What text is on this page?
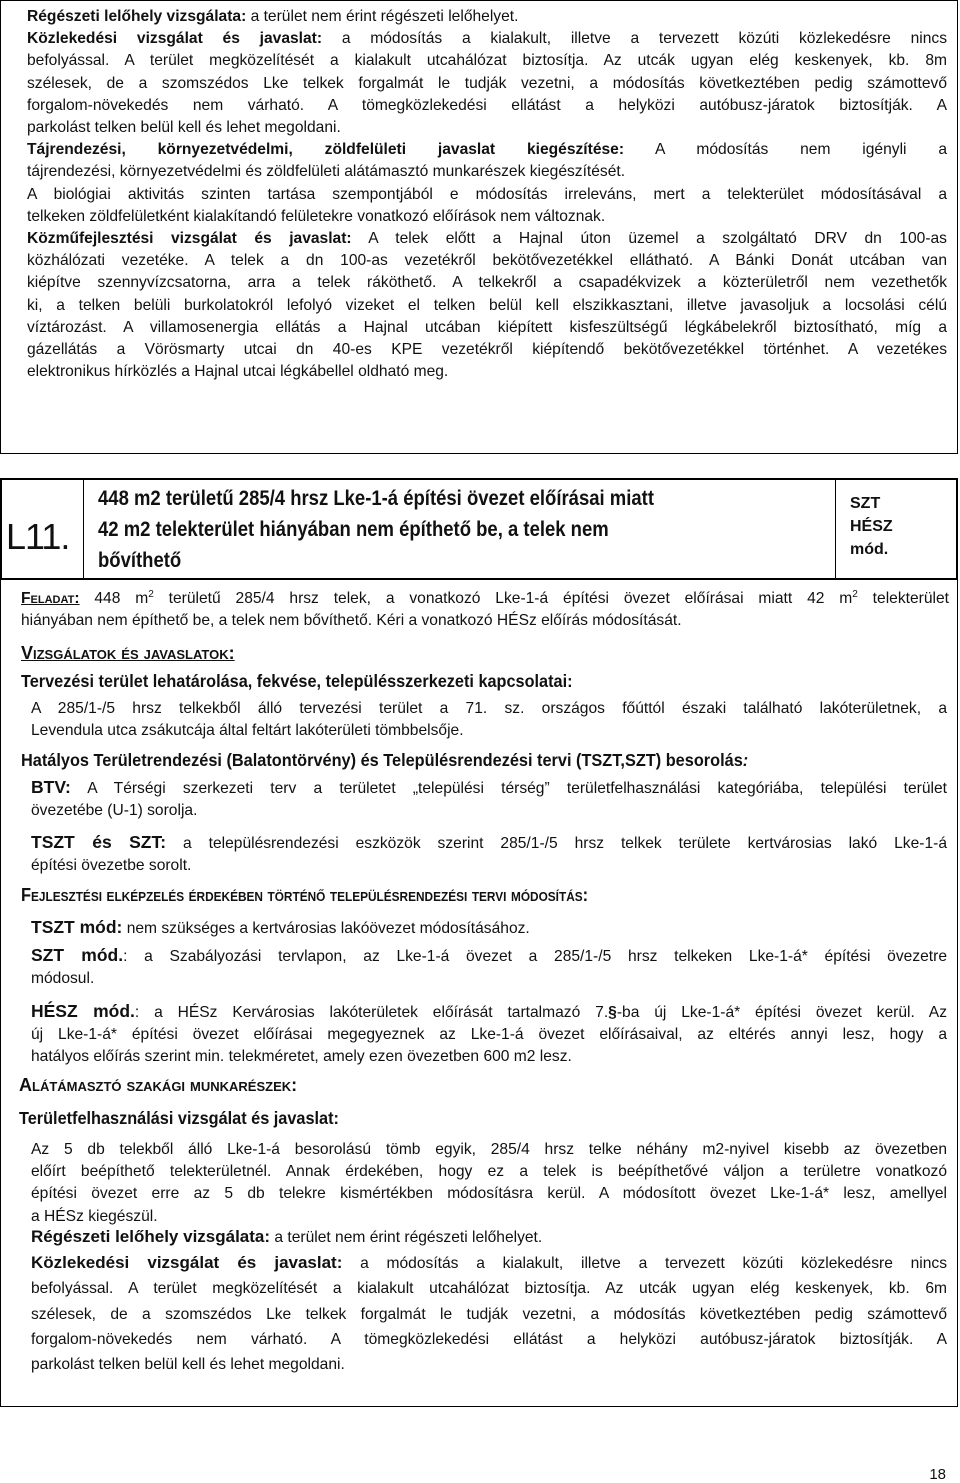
Régészeti lelőhely vizsgálata: a terület nem érint régészeti lelőhelyet.
Közlekedési vizsgálat és javaslat: a módosítás a kialakult, illetve a tervezett közúti közlekedésre nincs
befolyással. A terület megközelítését a kialakult utcahálózat biztosítja. Az utcák ugyan elég keskenyek, kb. 8m
szélesek, de a szomszédos Lke telkek forgalmát le tudják vezetni, a módosítás következtében pedig számottevő
forgalom-növekedés nem várható. A tömegközlekedési ellátást a helyközi autóbusz-járatok biztosítják. A
parkolást telken belül kell és lehet megoldani.
Tájrendezési, környezetvédelmi, zöldfelületi javaslat kiegészítése: A módosítás nem igényli a
tájrendezési, környezetvédelmi és zöldfelületi alátámasztó munkarészek kiegészítését.
A biológiai aktivitás szinten tartása szempontjából e módosítás irreleváns, mert a telekterület módosításával a
telkeken zöldfelületként kialakítandó felületekre vonatkozó előírások nem változnak.
Közműfejlesztési vizsgálat és javaslat: A telek előtt a Hajnal úton üzemel a szolgáltató DRV dn 100-as
közhálózati vezetéke. A telek a dn 100-as vezetékről bekötővezetékkel ellátható. A Bánki Donát utcában van
kiépítve szennyvízcsatorna, arra a telek ráköthető. A telkekről a csapadékvizek a közterületről nem vezethetők
ki, a telken belüli burkolatokról lefolyó vizeket el telken belül kell elszikkasztani, illetve javasoljuk a locsolási célú
víztározást. A villamosenergia ellátás a Hajnal utcában kiépített kisfeszültségű légkábelekről biztosítható, míg a
gázellátás a Vörösmarty utcai dn 40-es KPE vezetékről kiépítendő bekötővezetékkel történhet. A vezetékes
elektronikus hírközlés a Hajnal utcai légkábellel oldható meg.
L11.
448 m2 területű 285/4 hrsz Lke-1-á építési övezet előírásai miatt
42 m2 telekterület hiányában nem építhető be, a telek nem
bővíthető
SZT
HÉSZ
mód.
Feladat: 448 $m^2$ területű 285/4 hrsz telek, a vonatkozó Lke-1-á építési övezet előírásai miatt 42 $m^2$ telekterület
hiányában nem építhető be, a telek nem bővíthető. Kéri a vonatkozó HÉSz előírás módosítását.
Vizsgálatok és javaslatok:
Tervezési terület lehatárolása, fekvése, településszerkezeti kapcsolatai:
A 285/1-/5 hrsz telkekből álló tervezési terület a 71. sz. országos főúttól északi található lakóterületnek, a
Levendula utca zsákutcája által feltárt lakóterületi tömbbelsője.
Hatályos Területrendezési (Balatontörvény) és Településrendezési tervi (TSZT,SZT) besorolás:
BTV: A Térségi szerkezeti terv a területet „települési térség” területfelhasználási kategóriába, települési terület
övezetébe (U-1) sorolja.
TSZT és SZT: a településrendezési eszközök szerint 285/1-/5 hrsz telkek területe kertvárosias lakó Lke-1-á
építési övezetbe sorolt.
Fejlesztési elképzelés érdekében történő településrendezési tervi módosítás:
TSZT mód: nem szükséges a kertvárosias lakóövezet módosításához.
SZT mód.: a Szabályozási tervlapon, az Lke-1-á övezet a 285/1-/5 hrsz telkeken Lke-1-á* építési övezetre
módosul.
HÉSZ mód.: a HÉSz Kervárosias lakóterületek előírását tartalmazó 7.§-ba új Lke-1-á* építési övezet kerül. Az
új Lke-1-á* építési övezet előírásai megegyeznek az Lke-1-á övezet előírásaival, az eltérés annyi lesz, hogy a
hatályos előírás szerint min. telekméretet, amely ezen övezetben 600 m2 lesz.
Alátámasztó szakági munkarészek:
Területfelhasználási vizsgálat és javaslat:
Az 5 db telekből álló Lke-1-á besorolású tömb egyik, 285/4 hrsz telke néhány m2-nyivel kisebb az övezetben
előírt beépíthető telekterületnél. Annak érdekében, hogy ez a telek is beépíthetővé váljon a területre vonatkozó
építési övezet erre az 5 db telekre kismértékben módosításra kerül. A módosított övezet Lke-1-á* lesz, amellyel
a HÉSz kiegészül.
Régészeti lelőhely vizsgálata: a terület nem érint régészeti lelőhelyet.
Közlekedési vizsgálat és javaslat: a módosítás a kialakult, illetve a tervezett közúti közlekedésre nincs
befolyással. A terület megközelítését a kialakult utcahálózat biztosítja. Az utcák ugyan elég keskenyek, kb. 6m
szélesek, de a szomszédos Lke telkek forgalmát le tudják vezetni, a módosítás következtében pedig számottevő
forgalom-növekedés nem várható. A tömegközlekedési ellátást a helyközi autóbusz-járatok biztosítják. A
parkolást telken belül kell és lehet megoldani.
18
